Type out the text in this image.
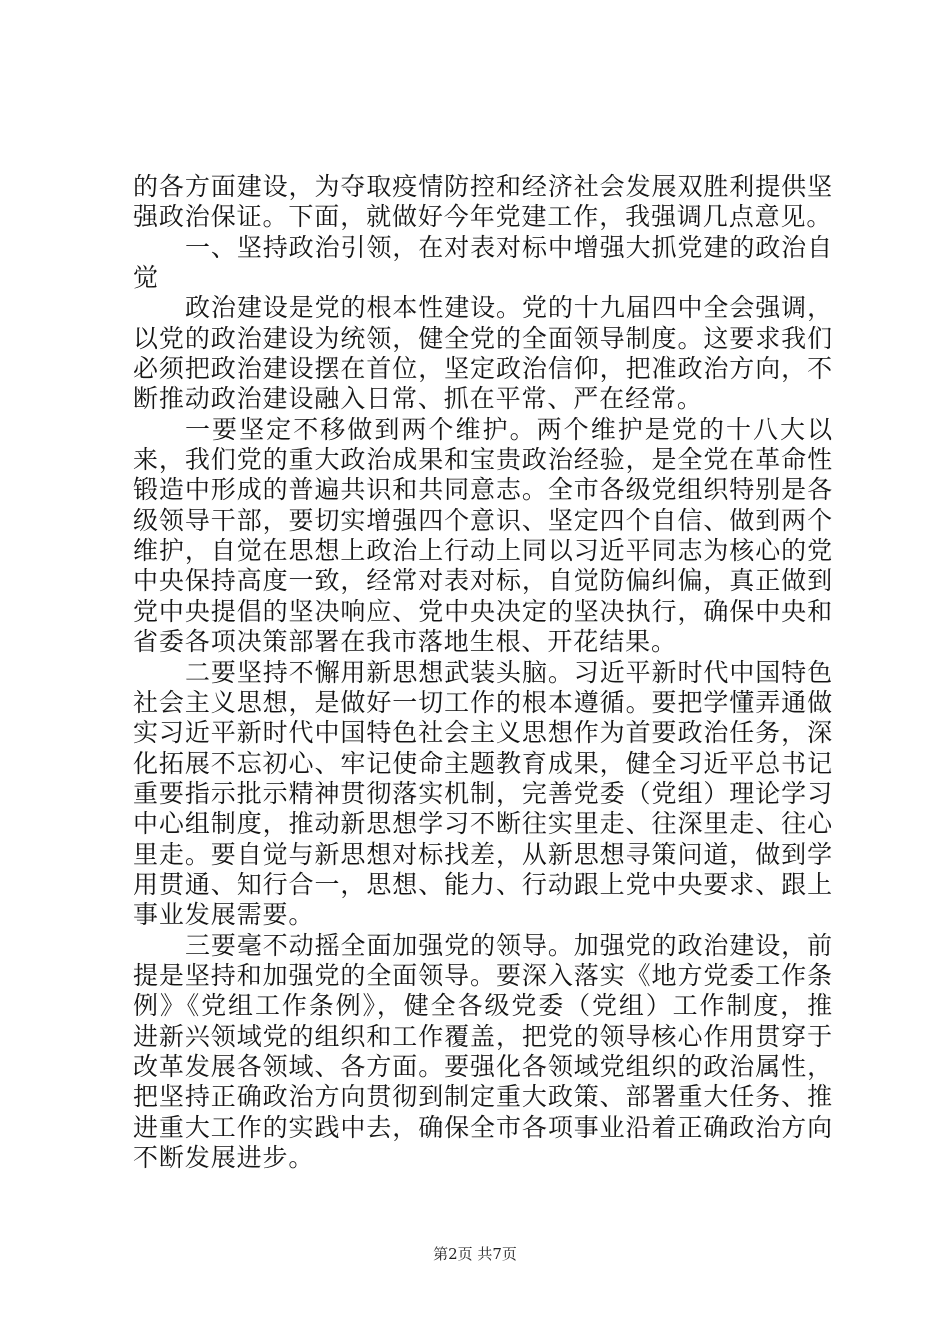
的各方面建设，为夺取疫情防控和经济社会发展双胜利提供坚强政治保证。下面，就做好今年党建工作，我强调几点意见。

一、坚持政治引领，在对表对标中增强大抓党建的政治自觉

政治建设是党的根本性建设。党的十九届四中全会强调，以党的政治建设为统领，健全党的全面领导制度。这要求我们必须把政治建设摆在首位，坚定政治信仰，把准政治方向，不断推动政治建设融入日常、抓在平常、严在经常。

一要坚定不移做到两个维护。两个维护是党的十八大以来，我们党的重大政治成果和宝贵政治经验，是全党在革命性锻造中形成的普遍共识和共同意志。全市各级党组织特别是各级领导干部，要切实增强四个意识、坚定四个自信、做到两个维护，自觉在思想上政治上行动上同以习近平同志为核心的党中央保持高度一致，经常对表对标，自觉防偏纠偏，真正做到党中央提倡的坚决响应、党中央决定的坚决执行，确保中央和省委各项决策部署在我市落地生根、开花结果。

二要坚持不懈用新思想武装头脑。习近平新时代中国特色社会主义思想，是做好一切工作的根本遵循。要把学懂弄通做实习近平新时代中国特色社会主义思想作为首要政治任务，深化拓展不忘初心、牢记使命主题教育成果，健全习近平总书记重要指示批示精神贯彻落实机制，完善党委（党组）理论学习中心组制度，推动新思想学习不断往实里走、往深里走、往心里走。要自觉与新思想对标找差，从新思想寻策问道，做到学用贯通、知行合一，思想、能力、行动跟上党中央要求、跟上事业发展需要。

三要毫不动摇全面加强党的领导。加强党的政治建设，前提是坚持和加强党的全面领导。要深入落实《地方党委工作条例》《党组工作条例》，健全各级党委（党组）工作制度，推进新兴领域党的组织和工作覆盖，把党的领导核心作用贯穿于改革发展各领域、各方面。要强化各领域党组织的政治属性，把坚持正确政治方向贯彻到制定重大政策、部署重大任务、推进重大工作的实践中去，确保全市各项事业沿着正确政治方向不断发展进步。

第2页 共7页
